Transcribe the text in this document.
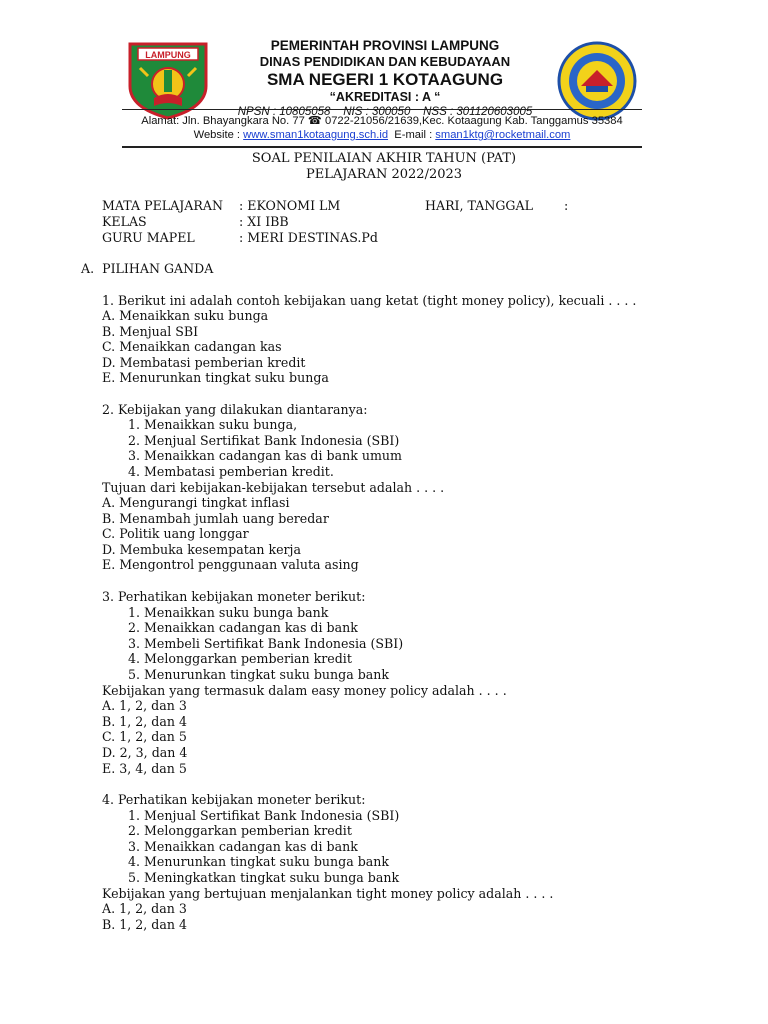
LAMPUNG
PEMERINTAH PROVINSI LAMPUNG
DINAS PENDIDIKAN DAN KEBUDAYAAN
SMA NEGERI 1 KOTAAGUNG
“AKREDITASI : A “
NPSN : 10805058    NIS : 300050    NSS : 301120603005
Alamat: Jln. Bhayangkara No. 77 ☎ 0722-21056/21639,Kec. Kotaagung Kab. Tanggamus 35384
Website : www.sman1kotaagung.sch.id  E-mail : sman1ktg@rocketmail.com
SOAL PENILAIAN AKHIR TAHUN (PAT)
PELAJARAN 2022/2023
MATA PELAJARAN : EKONOMI LM	HARI, TANGGAL :
KELAS	: XI IBB
GURU MAPEL	: MERI DESTINAS.Pd
A.  PILIHAN GANDA
1. Berikut ini adalah contoh kebijakan uang ketat (tight money policy), kecuali . . . .
A. Menaikkan suku bunga
B. Menjual SBI
C. Menaikkan cadangan kas
D. Membatasi pemberian kredit
E. Menurunkan tingkat suku bunga
2. Kebijakan yang dilakukan diantaranya:
1. Menaikkan suku bunga,
2. Menjual Sertifikat Bank Indonesia (SBI)
3. Menaikkan cadangan kas di bank umum
4. Membatasi pemberian kredit.
Tujuan dari kebijakan-kebijakan tersebut adalah . . . .
A. Mengurangi tingkat inflasi
B. Menambah jumlah uang beredar
C. Politik uang longgar
D. Membuka kesempatan kerja
E. Mengontrol penggunaan valuta asing
3. Perhatikan kebijakan moneter berikut:
1. Menaikkan suku bunga bank
2. Menaikkan cadangan kas di bank
3. Membeli Sertifikat Bank Indonesia (SBI)
4. Melonggarkan pemberian kredit
5. Menurunkan tingkat suku bunga bank
Kebijakan yang termasuk dalam easy money policy adalah . . . .
A. 1, 2, dan 3
B. 1, 2, dan 4
C. 1, 2, dan 5
D. 2, 3, dan 4
E. 3, 4, dan 5
4. Perhatikan kebijakan moneter berikut:
1. Menjual Sertifikat Bank Indonesia (SBI)
2. Melonggarkan pemberian kredit
3. Menaikkan cadangan kas di bank
4. Menurunkan tingkat suku bunga bank
5. Meningkatkan tingkat suku bunga bank
Kebijakan yang bertujuan menjalankan tight money policy adalah . . . .
A. 1, 2, dan 3
B. 1, 2, dan 4
